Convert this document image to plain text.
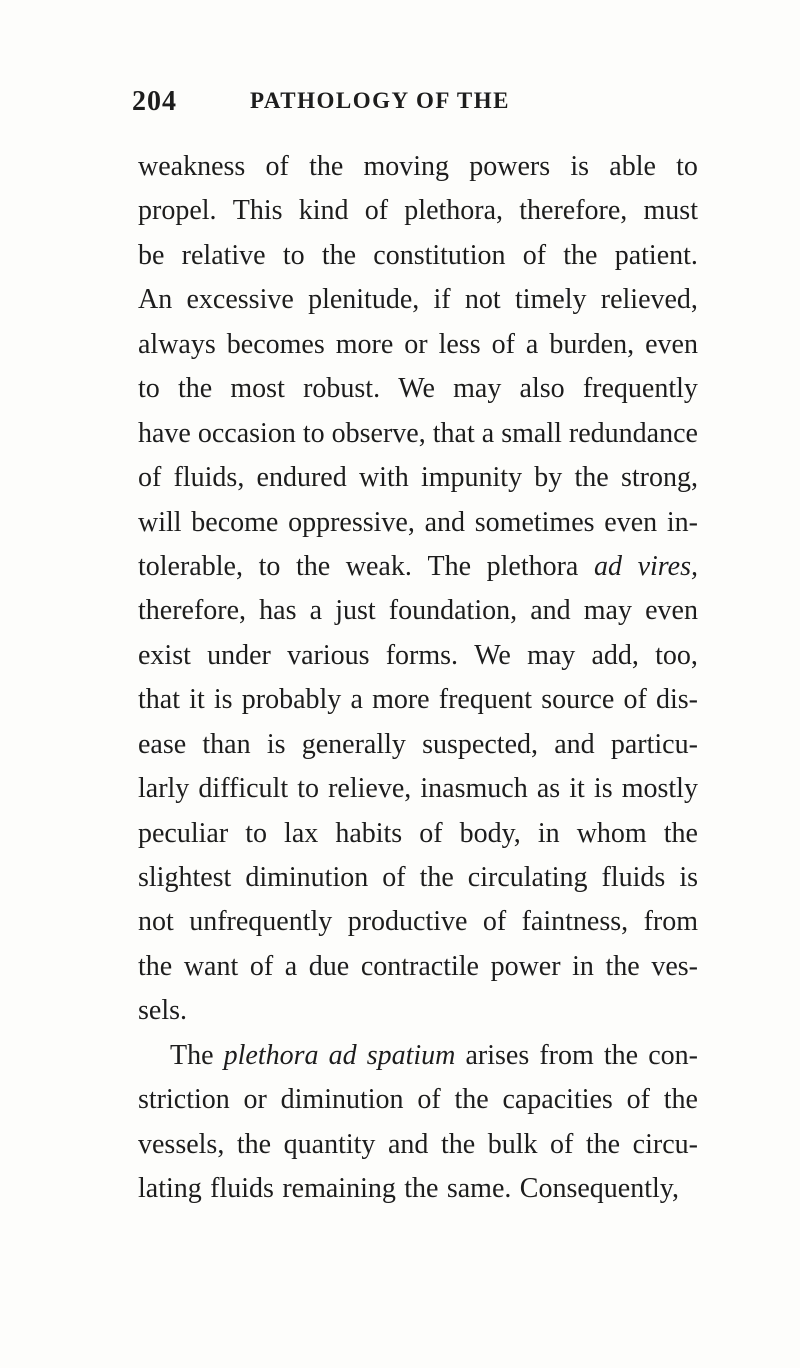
204	PATHOLOGY OF THE
weakness of the moving powers is able to
propel. This kind of plethora, therefore, must
be relative to the constitution of the patient.
An excessive plenitude, if not timely relieved,
always becomes more or less of a burden, even
to the most robust. We may also frequently
have occasion to observe, that a small redundance
of fluids, endured with impunity by the strong,
will become oppressive, and sometimes even in-
tolerable, to the weak. The plethora ad vires,
therefore, has a just foundation, and may even
exist under various forms. We may add, too,
that it is probably a more frequent source of dis-
ease than is generally suspected, and particu-
larly difficult to relieve, inasmuch as it is mostly
peculiar to lax habits of body, in whom the
slightest diminution of the circulating fluids is
not unfrequently productive of faintness, from
the want of a due contractile power in the ves-
sels.
The plethora ad spatium arises from the con-
striction or diminution of the capacities of the
vessels, the quantity and the bulk of the circu-
lating fluids remaining the same. Consequently,
